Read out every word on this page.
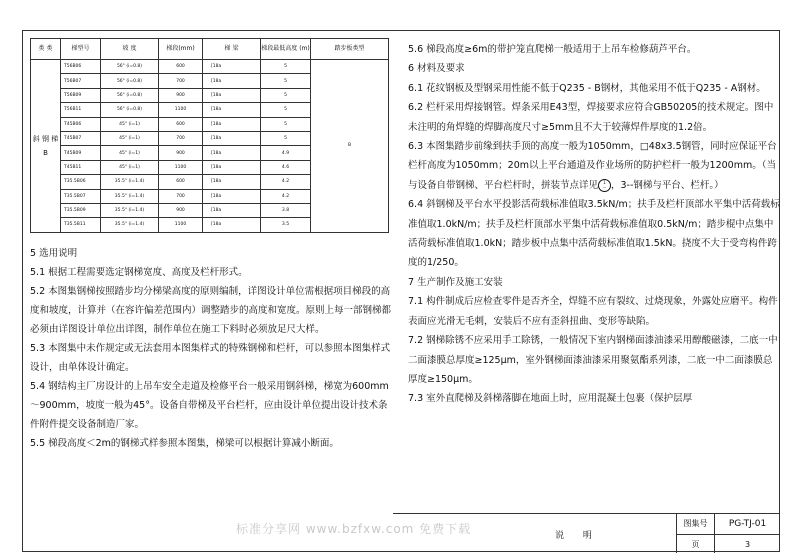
类 类	梯型号	坡 度	梯段(mm)	梯 梁	梯段最低高度 (m)	踏步板类型
斜 钢 梯 B	T56B06	56° (i=0.8)	600	[18a	5	B
	T56B07	56° (i=0.8)	700	[18a	5	
	T56B09	56° (i=0.8)	900	[18a	5	
	T56B11	56° (i=0.8)	1100	[18a	5	
	T45B06	45° (i=1)	600	[18a	5	
	T45B07	45° (i=1)	700	[18a	5	
	T45B09	45° (i=1)	900	[18a	4.9	
	T45B11	45° (i=1)	1100	[18a	4.6	
	T35.5B06	35.5° (i=1.4)	600	[18a	4.2	
	T35.5B07	35.5° (i=1.4)	700	[18a	4.2	
	T35.5B09	35.5° (i=1.4)	900	[18a	3.8	
	T35.5B11	35.5° (i=1.4)	1100	[18a	3.5	

5 选用说明

5.1 根据工程需要选定钢梯宽度、高度及栏杆形式。

5.2 本图集钢梯按照踏步均分梯梁高度的原则编制，详图设计单位需根据项目梯段的高度和坡度，计算并（在容许偏差范围内）调整踏步的高度和宽度。原则上每一部钢梯都必须由详图设计单位出详图，制作单位在施工下料时必须放足尺大样。

5.3 本图集中未作规定或无法套用本图集样式的特殊钢梯和栏杆，可以参照本图集样式设计，由单体设计确定。

5.4 钢结构主厂房设计的上吊车安全走道及检修平台一般采用钢斜梯，梯宽为600mm～900mm，坡度一般为45°。设备自带梯及平台栏杆，应由设计单位提出设计技术条件附件提交设备制造厂家。

5.5 梯段高度＜2m的钢梯式样参照本图集，梯梁可以根据计算减小断面。

5.6 梯段高度≥6m的带护笼直爬梯一般适用于上吊车检修葫芦平台。

6 材料及要求

6.1 花纹钢板及型钢采用性能不低于Q235 - B钢材，其他采用不低于Q235 - A钢材。

6.2 栏杆采用焊接钢管。焊条采用E43型，焊接要求应符合GB50205的技术规定。图中未注明的角焊缝的焊脚高度尺寸≥5mm且不大于较薄焊件厚度的1.2倍。

6.3 本图集踏步前缘到扶手顶的高度一般为1050mm，□48x3.5钢管，同时应保证平台栏杆高度为1050mm；20m以上平台通道及作业场所的防护栏杆一般为1200mm。（当与设备自带钢梯、平台栏杆时，拼装节点详见 1
-- ，3--钢梯与平台、栏杆。）

6.4 斜钢梯及平台水平投影活荷载标准值取3.5kN/m；扶手及栏杆顶部水平集中活荷载标准值取1.0kN/m；扶手及栏杆顶部水平集中活荷载标准值取0.5kN/m；踏步棍中点集中活荷载标准值取1.0kN；踏步板中点集中活荷载标准值取1.5kN。挠度不大于受弯构件跨度的1/250。

7 生产制作及施工安装

7.1 构件制成后应检查零件是否齐全，焊缝不应有裂纹、过烧现象，外露处应磨平。构件表面应光滑无毛刺，安装后不应有歪斜扭曲、变形等缺陷。

7.2 钢梯除锈不应采用手工除锈，一般情况下室内钢梯面漆油漆采用醇酸磁漆，二底一中二面漆膜总厚度≥125μm，室外钢梯面漆油漆采用聚氨酯系列漆，二底一中二面漆膜总厚度≥150μm。

7.3 室外直爬梯及斜梯落脚在地面上时，应用混凝土包裹（保护层厚

说 明
图集号	PG-TJ-01
页	3
标准分享网 www.bzfxw.com 免费下载
